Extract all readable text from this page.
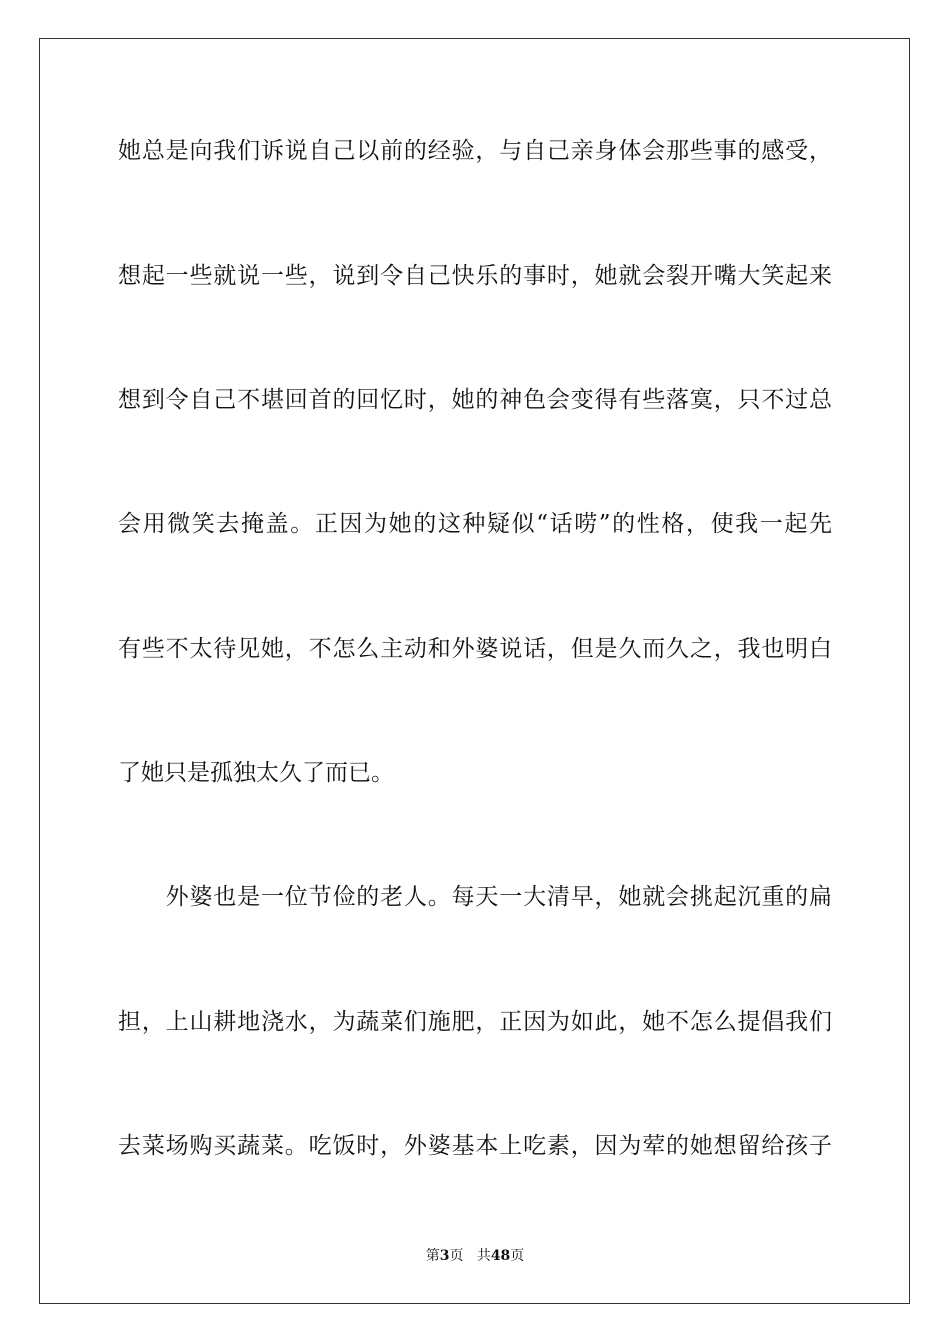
她总是向我们诉说自己以前的经验，与自己亲身体会那些事的感受，
想起一些就说一些，说到令自己快乐的事时，她就会裂开嘴大笑起来
想到令自己不堪回首的回忆时，她的神色会变得有些落寞，只不过总
会用微笑去掩盖。正因为她的这种疑似“话唠”的性格，使我一起先
有些不太待见她，不怎么主动和外婆说话，但是久而久之，我也明白
了她只是孤独太久了而已。
　　外婆也是一位节俭的老人。每天一大清早，她就会挑起沉重的扁
担，上山耕地浇水，为蔬菜们施肥，正因为如此，她不怎么提倡我们
去菜场购买蔬菜。吃饭时，外婆基本上吃素，因为荤的她想留给孩子
第3页 共48页
